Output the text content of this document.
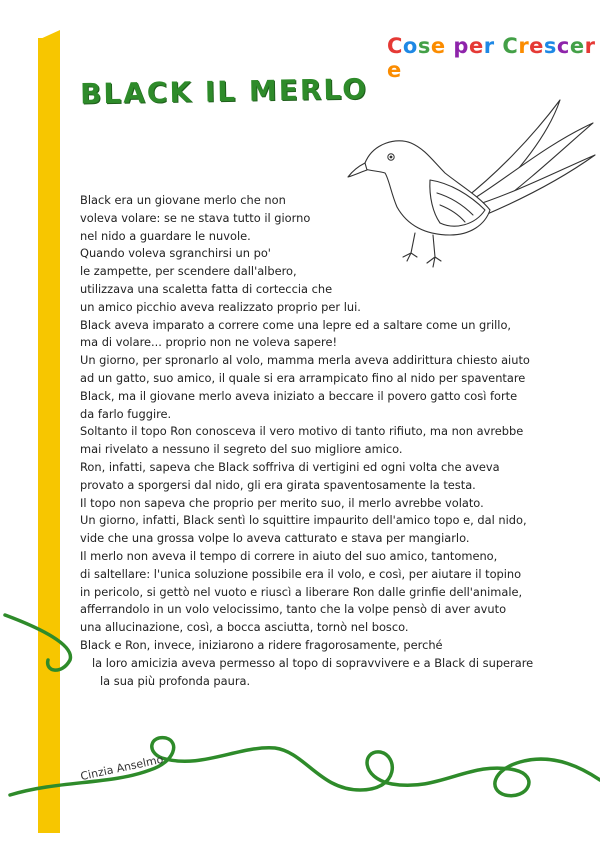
Cose per Crescere
BLACK IL MERLO
Black era un giovane merlo che non
voleva volare: se ne stava tutto il giorno
nel nido a guardare le nuvole.
Quando voleva sgranchirsi un po'
le zampette, per scendere dall'albero,
utilizzava una scaletta fatta di corteccia che
un amico picchio aveva realizzato proprio per lui.
Black aveva imparato a correre come una lepre ed a saltare come un grillo,
ma di volare... proprio non ne voleva sapere!
Un giorno, per spronarlo al volo, mamma merla aveva addirittura chiesto aiuto
ad un gatto, suo amico, il quale si era arrampicato fino al nido per spaventare
Black, ma il giovane merlo aveva iniziato a beccare il povero gatto così forte
da farlo fuggire.
Soltanto il topo Ron conosceva il vero motivo di tanto rifiuto, ma non avrebbe
mai rivelato a nessuno il segreto del suo migliore amico.
Ron, infatti, sapeva che Black soffriva di vertigini ed ogni volta che aveva
provato a sporgersi dal nido, gli era girata spaventosamente la testa.
Il topo non sapeva che proprio per merito suo, il merlo avrebbe volato.
Un giorno, infatti, Black sentì lo squittire impaurito dell'amico topo e, dal nido,
vide che una grossa volpe lo aveva catturato e stava per mangiarlo.
Il merlo non aveva il tempo di correre in aiuto del suo amico, tantomeno,
di saltellare: l'unica soluzione possibile era il volo, e così, per aiutare il topino
in pericolo, si gettò nel vuoto e riuscì a liberare Ron dalle grinfie dell'animale,
afferrandolo in un volo velocissimo, tanto che la volpe pensò di aver avuto
una allucinazione, così, a bocca asciutta, tornò nel bosco.
Black e Ron, invece, iniziarono a ridere fragorosamente, perché
la loro amicizia aveva permesso al topo di sopravvivere e a Black di superare
la sua più profonda paura.
Cinzia Anselmo
